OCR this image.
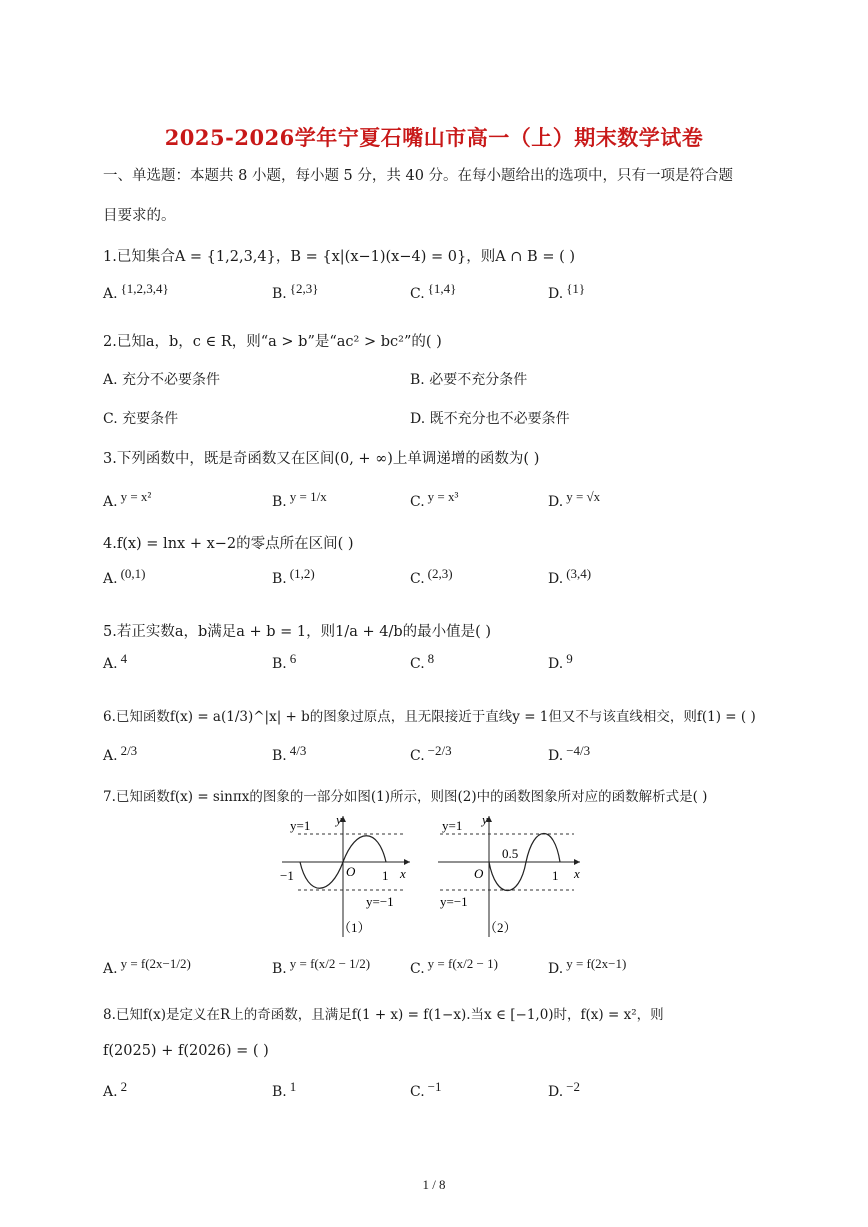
2025-2026学年宁夏石嘴山市高一（上）期末数学试卷
一、单选题：本题共 8 小题，每小题 5 分，共 40 分。在每小题给出的选项中，只有一项是符合题
目要求的。
1.已知集合A = {1,2,3,4}，B = {x|(x−1)(x−4) = 0}，则A ∩ B = ( )
A. {1,2,3,4}	B. {2,3}	C. {1,4}	D. {1}
2.已知a，b，c ∈ R，则“a > b”是“ac² > bc²”的( )
A. 充分不必要条件	B. 必要不充分条件
C. 充要条件	D. 既不充分也不必要条件
3.下列函数中，既是奇函数又在区间(0, + ∞)上单调递增的函数为( )
A. y = x²	B. y = 1/x	C. y = x³	D. y = √x
4.f(x) = lnx + x−2的零点所在区间( )
A. (0,1)	B. (1,2)	C. (2,3)	D. (3,4)
5.若正实数a，b满足a + b = 1，则1/a + 4/b的最小值是( )
A. 4	B. 6	C. 8	D. 9
6.已知函数f(x) = a(1/3)^|x| + b的图象过原点，且无限接近于直线y = 1但又不与该直线相交，则f(1) = ( )
A. 2/3	B. 4/3	C. −2/3	D. −4/3
7.已知函数f(x) = sinπx的图象的一部分如图(1)所示，则图(2)中的函数图象所对应的函数解析式是( )
y=1
−1	O 1 x
y
y=−1
（1）
y=1
0.5
O	1 x
y
y=−1
（2）
A. y = f(2x−1/2)	B. y = f(x/2 − 1/2)	C. y = f(x/2 − 1)	D. y = f(2x−1)
8.已知f(x)是定义在R上的奇函数，且满足f(1 + x) = f(1−x).当x ∈ [−1,0)时，f(x) = x²，则
f(2025) + f(2026) = ( )
A. 2	B. 1	C. −1	D. −2
1 / 8
